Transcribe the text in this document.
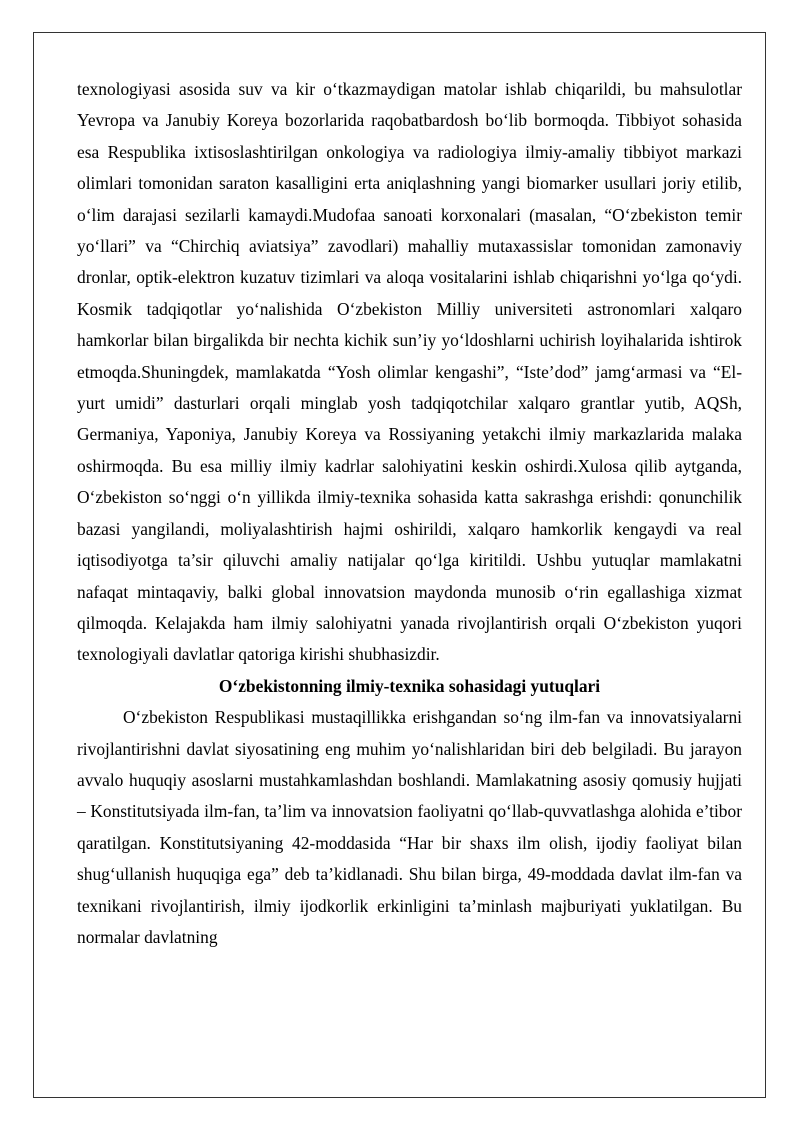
texnologiyasi asosida suv va kir o‘tkazmaydigan matolar ishlab chiqarildi, bu mahsulotlar Yevropa va Janubiy Koreya bozorlarida raqobatbardosh bo‘lib bormoqda. Tibbiyot sohasida esa Respublika ixtisoslashtirilgan onkologiya va radiologiya ilmiy-amaliy tibbiyot markazi olimlari tomonidan saraton kasalligini erta aniqlashning yangi biomarker usullari joriy etilib, o‘lim darajasi sezilarli kamaydi.Mudofaa sanoati korxonalari (masalan, “O‘zbekiston temir yo‘llari” va “Chirchiq aviatsiya” zavodlari) mahalliy mutaxassislar tomonidan zamonaviy dronlar, optik-elektron kuzatuv tizimlari va aloqa vositalarini ishlab chiqarishni yo‘lga qo‘ydi. Kosmik tadqiqotlar yo‘nalishida O‘zbekiston Milliy universiteti astronomlari xalqaro hamkorlar bilan birgalikda bir nechta kichik sun’iy yo‘ldoshlarni uchirish loyihalarida ishtirok etmoqda.Shuningdek, mamlakatda “Yosh olimlar kengashi”, “Iste’dod” jamg‘armasi va “El-yurt umidi” dasturlari orqali minglab yosh tadqiqotchilar xalqaro grantlar yutib, AQSh, Germaniya, Yaponiya, Janubiy Koreya va Rossiyaning yetakchi ilmiy markazlarida malaka oshirmoqda. Bu esa milliy ilmiy kadrlar salohiyatini keskin oshirdi.Xulosa qilib aytganda, O‘zbekiston so‘nggi o‘n yillikda ilmiy-texnika sohasida katta sakrashga erishdi: qonunchilik bazasi yangilandi, moliyalashtirish hajmi oshirildi, xalqaro hamkorlik kengaydi va real iqtisodiyotga ta’sir qiluvchi amaliy natijalar qo‘lga kiritildi. Ushbu yutuqlar mamlakatni nafaqat mintaqaviy, balki global innovatsion maydonda munosib o‘rin egallashiga xizmat qilmoqda. Kelajakda ham ilmiy salohiyatni yanada rivojlantirish orqali O‘zbekiston yuqori texnologiyali davlatlar qatoriga kirishi shubhasizdir.

O‘zbekistonning ilmiy-texnika sohasidagi yutuqlari

O‘zbekiston Respublikasi mustaqillikka erishgandan so‘ng ilm-fan va innovatsiyalarni rivojlantirishni davlat siyosatining eng muhim yo‘nalishlaridan biri deb belgiladi. Bu jarayon avvalo huquqiy asoslarni mustahkamlashdan boshlandi. Mamlakatning asosiy qomusiy hujjati – Konstitutsiyada ilm-fan, ta’lim va innovatsion faoliyatni qo‘llab-quvvatlashga alohida e’tibor qaratilgan. Konstitutsiyaning 42-moddasida “Har bir shaxs ilm olish, ijodiy faoliyat bilan shug‘ullanish huquqiga ega” deb ta’kidlanadi. Shu bilan birga, 49-moddada davlat ilm-fan va texnikani rivojlantirish, ilmiy ijodkorlik erkinligini ta’minlash majburiyati yuklatilgan. Bu normalar davlatning
